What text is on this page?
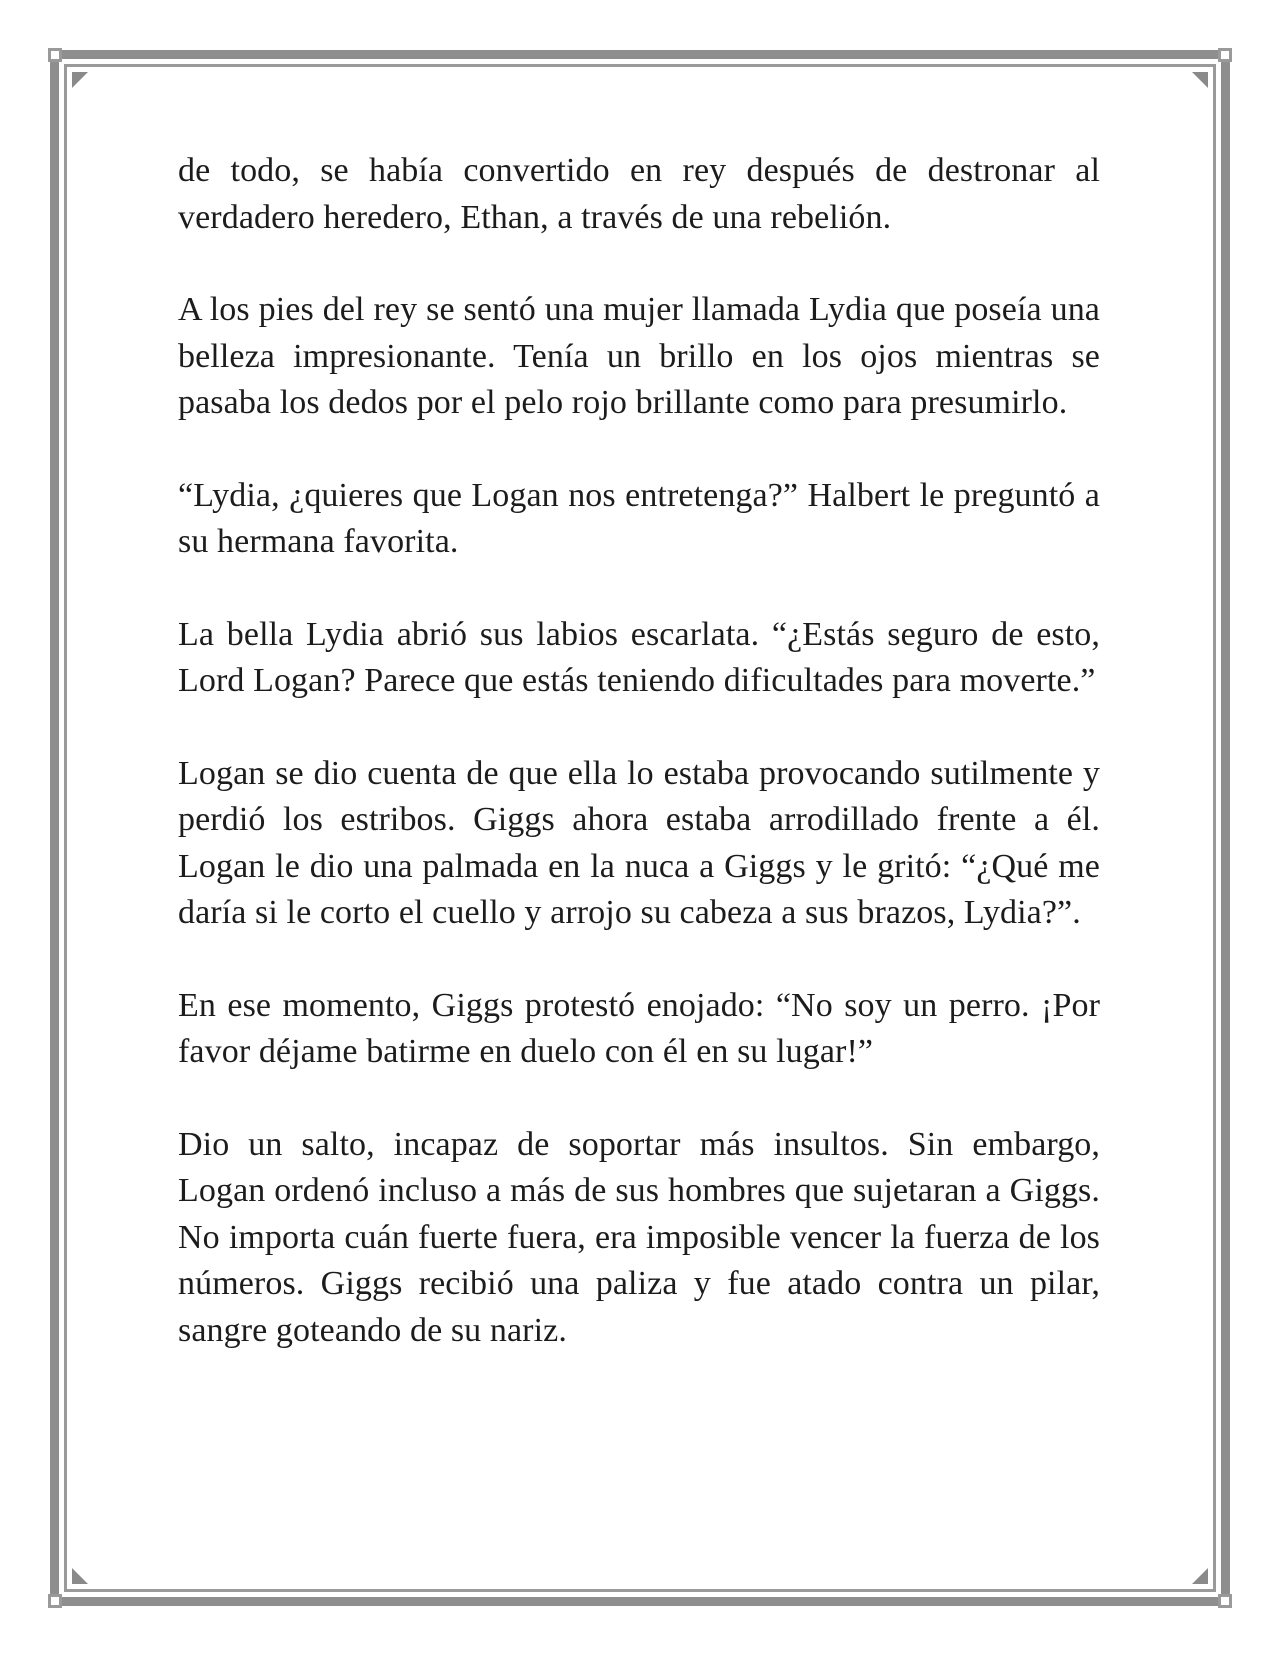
de todo, se había convertido en rey después de destronar al verdadero heredero, Ethan, a través de una rebelión.

A los pies del rey se sentó una mujer llamada Lydia que poseía una belleza impresionante. Tenía un brillo en los ojos mientras se pasaba los dedos por el pelo rojo brillante como para presumirlo.

“Lydia, ¿quieres que Logan nos entretenga?” Halbert le preguntó a su hermana favorita.

La bella Lydia abrió sus labios escarlata. “¿Estás seguro de esto, Lord Logan? Parece que estás teniendo dificultades para moverte.”

Logan se dio cuenta de que ella lo estaba provocando sutilmente y perdió los estribos. Giggs ahora estaba arrodillado frente a él. Logan le dio una palmada en la nuca a Giggs y le gritó: “¿Qué me daría si le corto el cuello y arrojo su cabeza a sus brazos, Lydia?”.

En ese momento, Giggs protestó enojado: “No soy un perro. ¡Por favor déjame batirme en duelo con él en su lugar!”

Dio un salto, incapaz de soportar más insultos. Sin embargo, Logan ordenó incluso a más de sus hombres que sujetaran a Giggs. No importa cuán fuerte fuera, era imposible vencer la fuerza de los números. Giggs recibió una paliza y fue atado contra un pilar, sangre goteando de su nariz.
